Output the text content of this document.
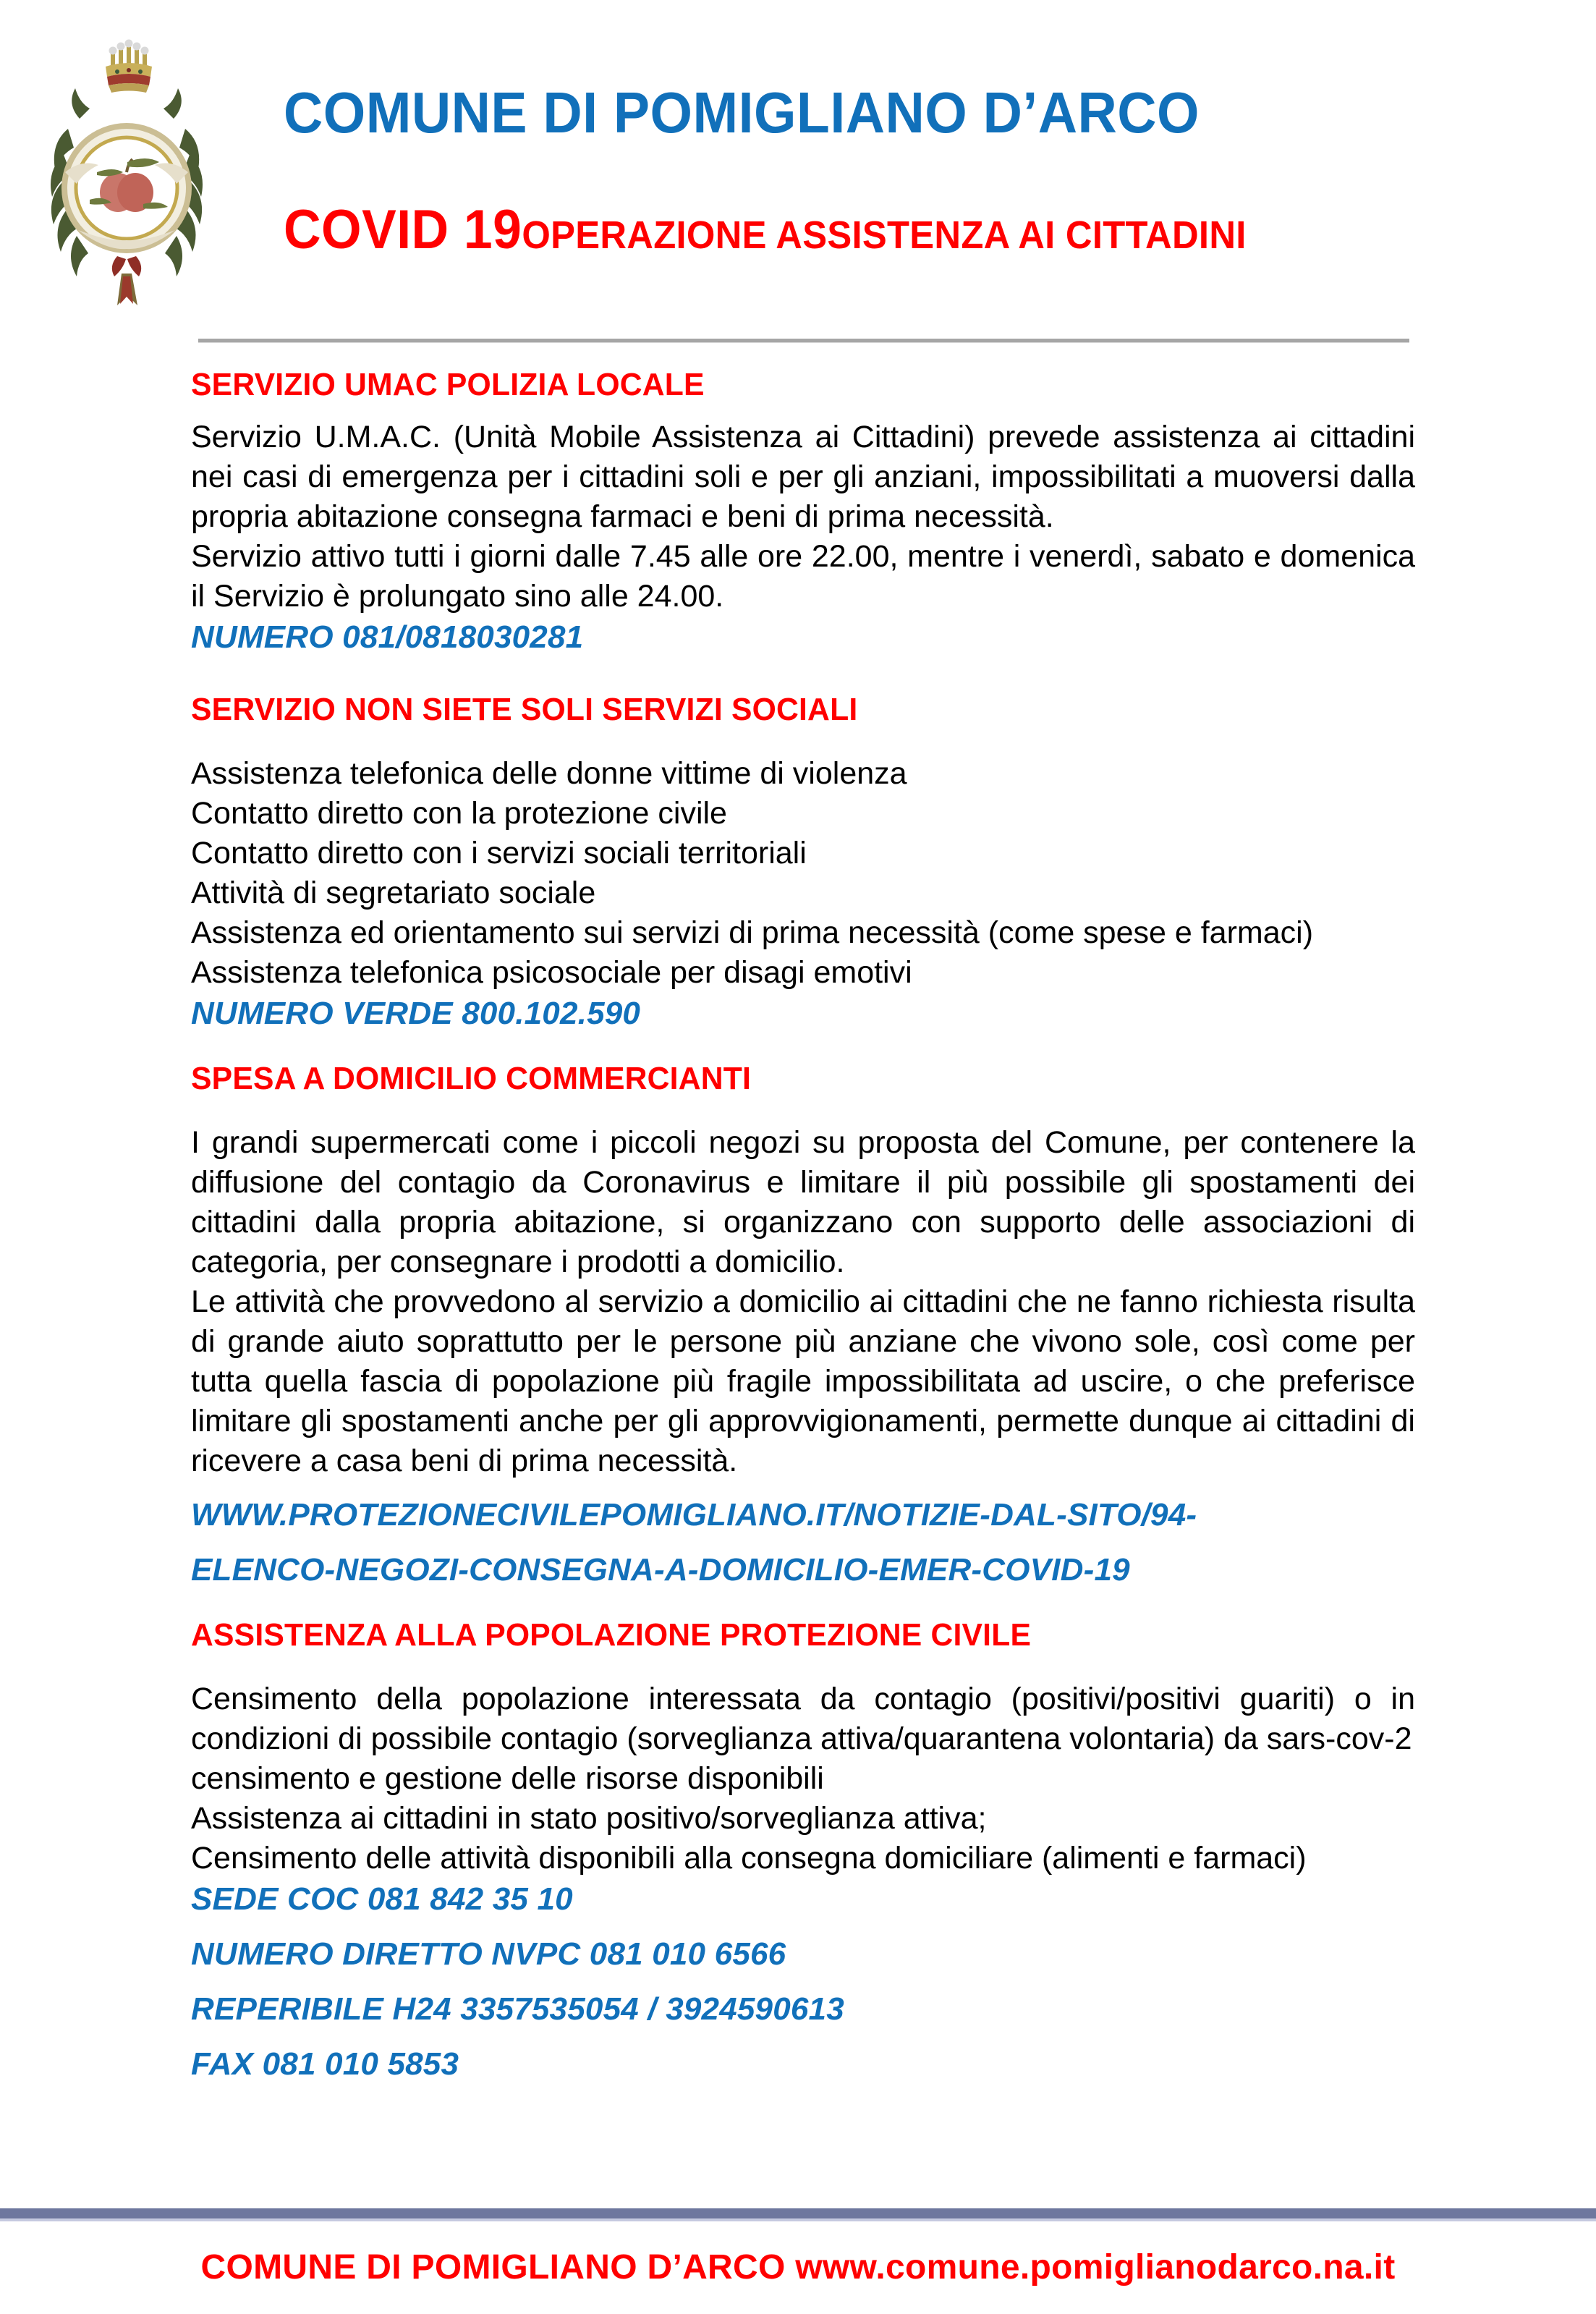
COMUNE DI POMIGLIANO D’ARCO

COVID 19OPERAZIONE ASSISTENZA AI CITTADINI

SERVIZIO UMAC POLIZIA LOCALE

Servizio U.M.A.C. (Unità Mobile Assistenza ai Cittadini) prevede assistenza ai cittadini nei casi di emergenza per i cittadini soli e per gli anziani, impossibilitati a muoversi dalla propria abitazione consegna farmaci e beni di prima necessità.

Servizio attivo tutti i giorni dalle 7.45 alle ore 22.00, mentre i venerdì, sabato e domenica il Servizio è prolungato sino alle 24.00.

NUMERO 081/0818030281

SERVIZIO NON SIETE SOLI SERVIZI SOCIALI

Assistenza telefonica delle donne vittime di violenza

Contatto diretto con la protezione civile

Contatto diretto con i servizi sociali territoriali

Attività di segretariato sociale

Assistenza ed orientamento sui servizi di prima necessità (come spese e farmaci)

Assistenza telefonica psicosociale per disagi emotivi

NUMERO VERDE 800.102.590

SPESA A DOMICILIO COMMERCIANTI

I grandi supermercati come i piccoli negozi su proposta del Comune, per contenere la diffusione del contagio da Coronavirus e limitare il più possibile gli spostamenti dei cittadini dalla propria abitazione, si organizzano con supporto delle associazioni di categoria, per consegnare i prodotti a domicilio.

Le attività che provvedono al servizio a domicilio ai cittadini che ne fanno richiesta risulta di grande aiuto soprattutto per le persone più anziane che vivono sole, così come per tutta quella fascia di popolazione più fragile impossibilitata ad uscire, o che preferisce limitare gli spostamenti anche per gli approvvigionamenti, permette dunque ai cittadini di ricevere a casa beni di prima necessità.

WWW.PROTEZIONECIVILEPOMIGLIANO.IT/NOTIZIE-DAL-SITO/94-

ELENCO-NEGOZI-CONSEGNA-A-DOMICILIO-EMER-COVID-19

ASSISTENZA ALLA POPOLAZIONE PROTEZIONE CIVILE

Censimento della popolazione interessata da contagio (positivi/positivi guariti) o in condizioni di possibile contagio (sorveglianza attiva/quarantena volontaria) da sars-cov-2

censimento e gestione delle risorse disponibili

Assistenza ai cittadini in stato positivo/sorveglianza attiva;

Censimento delle attività disponibili alla consegna domiciliare (alimenti e farmaci)

SEDE COC 081 842 35 10

NUMERO DIRETTO NVPC 081 010 6566

REPERIBILE H24 3357535054 / 3924590613

FAX 081 010 5853

COMUNE DI POMIGLIANO D’ARCO www.comune.pomiglianodarco.na.it
